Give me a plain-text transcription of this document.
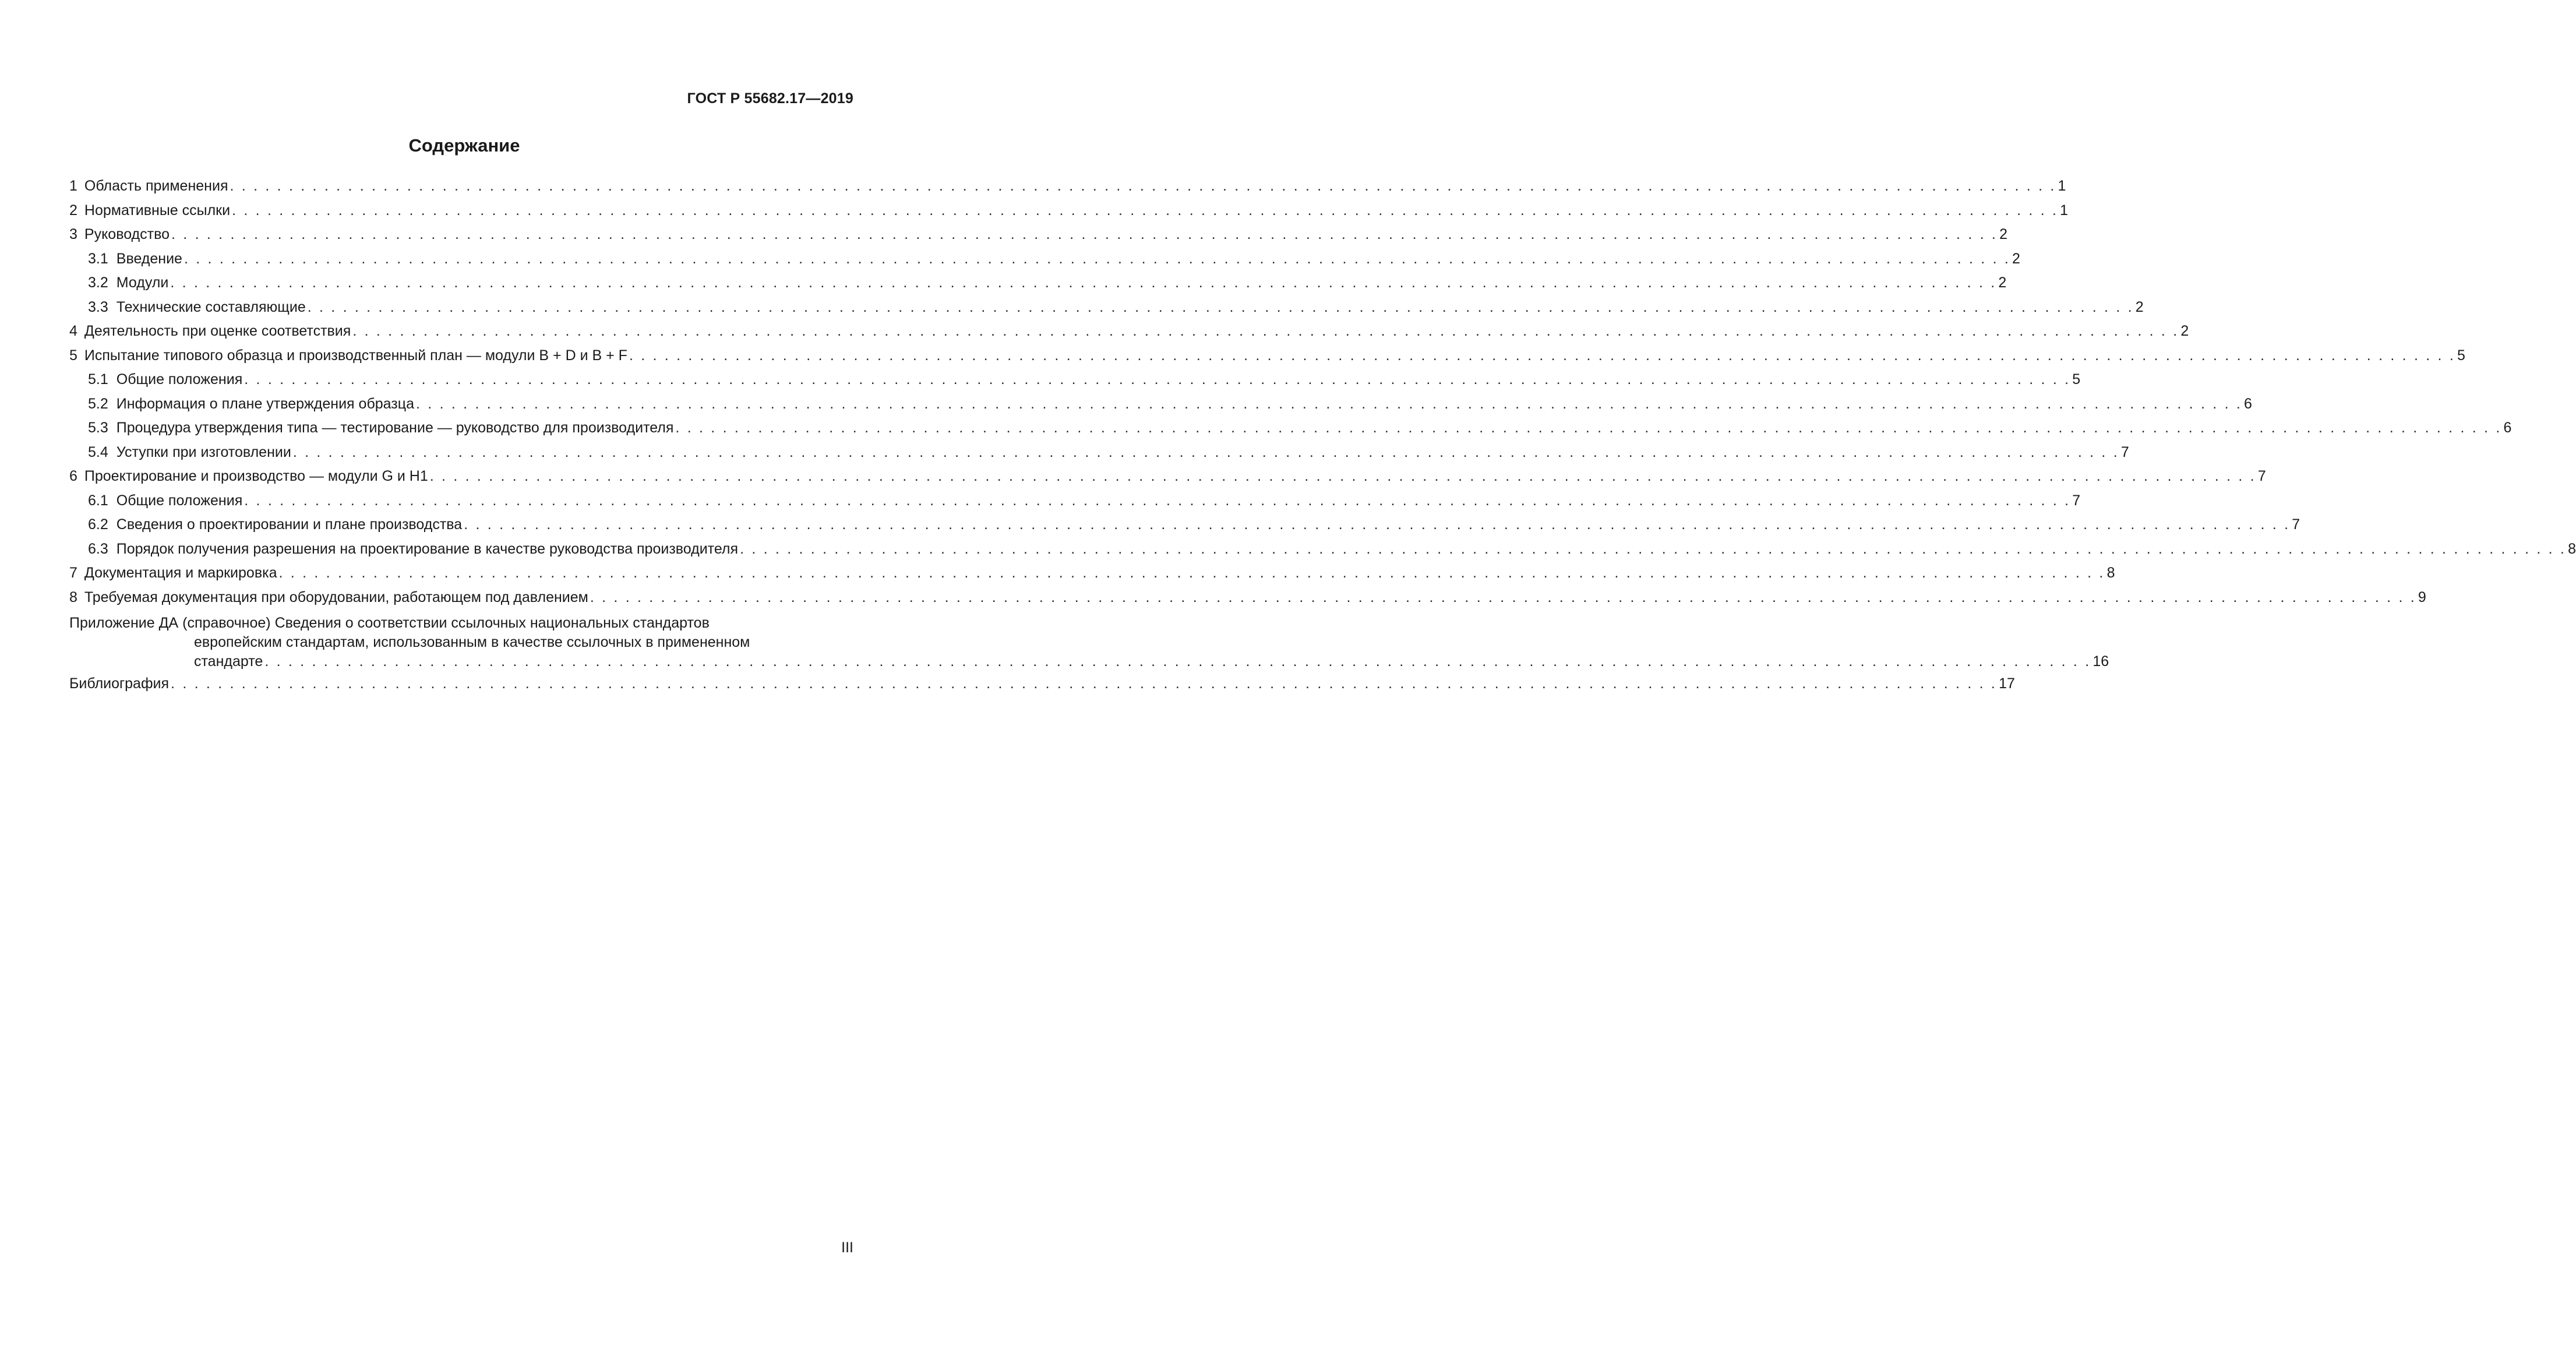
ГОСТ Р 55682.17—2019
Содержание
1 Область применения . . .	1
2 Нормативные ссылки . . .	1
3 Руководство . . .	2
3.1 Введение . . .	2
3.2 Модули . . .	2
3.3 Технические составляющие . . .	2
4 Деятельность при оценке соответствия . . .	2
5 Испытание типового образца и производственный план — модули B + D и B + F . . .	5
5.1 Общие положения . . .	5
5.2 Информация о плане утверждения образца . . .	6
5.3 Процедура утверждения типа — тестирование — руководство для производителя . . .	6
5.4 Уступки при изготовлении . . .	7
6 Проектирование и производство — модули G и H1 . . .	7
6.1 Общие положения . . .	7
6.2 Сведения о проектировании и плане производства . . .	7
6.3 Порядок получения разрешения на проектирование в качестве руководства производителя . . .	8
7 Документация и маркировка . . .	8
8 Требуемая документация при оборудовании, работающем под давлением . . .	9
Приложение ДА (справочное) Сведения о соответствии ссылочных национальных стандартов
европейским стандартам, использованным в качестве ссылочных в примененном
стандарте . . .	16
Библиография . . .	17
III
